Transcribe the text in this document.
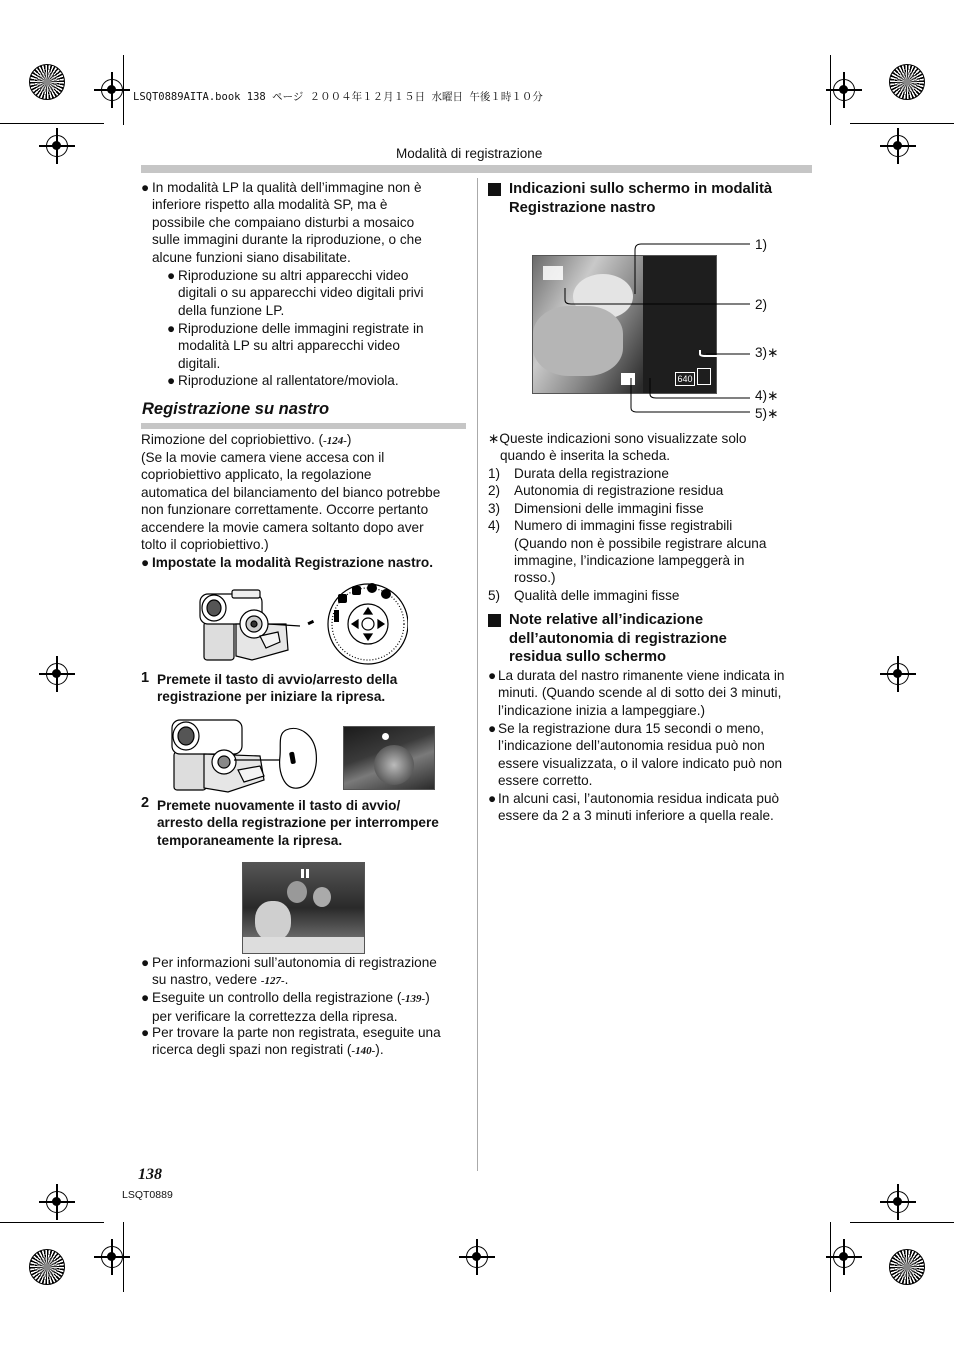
LSQT0889AITA.book 138 ページ ２００４年１２月１５日 水曜日 午後１時１０分
Modalità di registrazione
● In modalità LP la qualità dell’immagine non è
inferiore rispetto alla modalità SP, ma è
possibile che compaiano disturbi a mosaico
sulle immagini durante la riproduzione, o che
alcune funzioni siano disabilitate.
● Riproduzione su altri apparecchi video
digitali o su apparecchi video digitali privi
della funzione LP.
● Riproduzione delle immagini registrate in
modalità LP su altri apparecchi video
digitali.
● Riproduzione al rallentatore/moviola.
Registrazione su nastro
Rimozione del copriobiettivo. (-124-)
(Se la movie camera viene accesa con il
copriobiettivo applicato, la regolazione
automatica del bilanciamento del bianco potrebbe
non funzionare correttamente. Occorre pertanto
accendere la movie camera soltanto dopo aver
tolto il copriobiettivo.)
● Impostate la modalità Registrazione nastro.
1 Premete il tasto di avvio/arresto della
registrazione per iniziare la ripresa.
2 Premete nuovamente il tasto di avvio/
arresto della registrazione per interrompere
temporaneamente la ripresa.
● Per informazioni sull’autonomia di registrazione
su nastro, vedere -127-.
● Eseguite un controllo della registrazione (-139-)
per verificare la correttezza della ripresa.
● Per trovare la parte non registrata, eseguite una
ricerca degli spazi non registrati (-140-).
Indicazioni sullo schermo in modalità
Registrazione nastro
640
1)
2)
3)∗
4)∗
5)∗
∗Queste indicazioni sono visualizzate solo
quando è inserita la scheda.
1) Durata della registrazione
2) Autonomia di registrazione residua
3) Dimensioni delle immagini fisse
4) Numero di immagini fisse registrabili
(Quando non è possibile registrare alcuna
immagine, l’indicazione lampeggerà in
rosso.)
5) Qualità delle immagini fisse
Note relative all’indicazione
dell’autonomia di registrazione
residua sullo schermo
● La durata del nastro rimanente viene indicata in
minuti. (Quando scende al di sotto dei 3 minuti,
l’indicazione inizia a lampeggiare.)
● Se la registrazione dura 15 secondi o meno,
l’indicazione dell’autonomia residua può non
essere visualizzata, o il valore indicato può non
essere corretto.
● In alcuni casi, l’autonomia residua indicata può
essere da 2 a 3 minuti inferiore a quella reale.
138
LSQT0889
